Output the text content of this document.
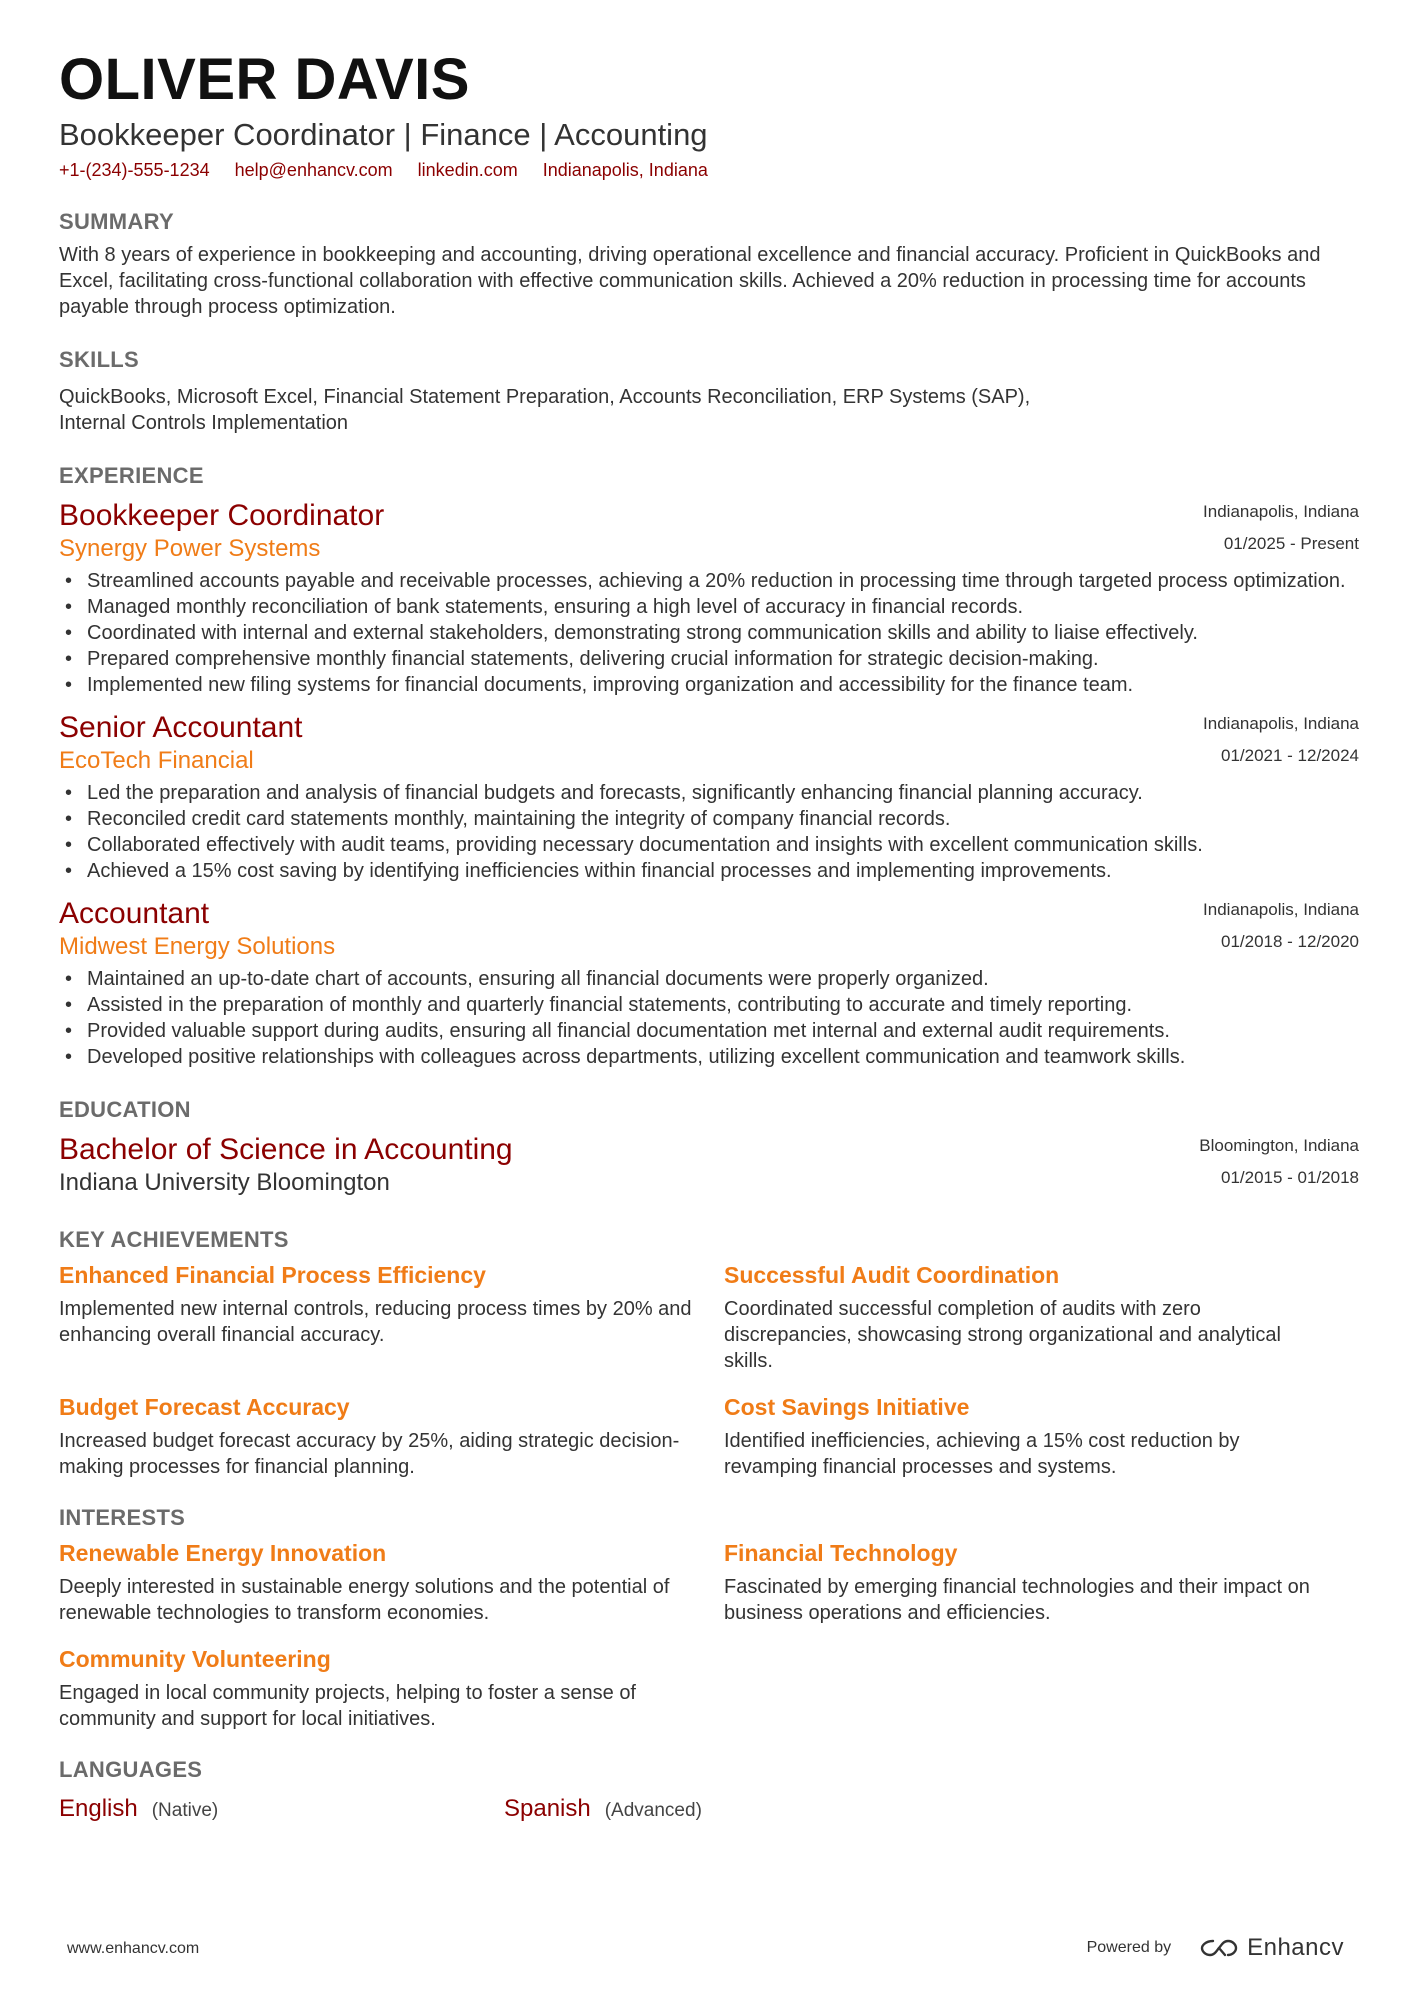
OLIVER DAVIS
Bookkeeper Coordinator | Finance | Accounting
+1-(234)-555-1234 help@enhancv.com linkedin.com Indianapolis, Indiana
SUMMARY
With 8 years of experience in bookkeeping and accounting, driving operational excellence and financial accuracy. Proficient in QuickBooks and Excel, facilitating cross-functional collaboration with effective communication skills. Achieved a 20% reduction in processing time for accounts payable through process optimization.
SKILLS
QuickBooks, Microsoft Excel, Financial Statement Preparation, Accounts Reconciliation, ERP Systems (SAP),
Internal Controls Implementation
EXPERIENCE
Bookkeeper Coordinator
Synergy Power Systems
Indianapolis, Indiana
01/2025 - Present
• Streamlined accounts payable and receivable processes, achieving a 20% reduction in processing time through targeted process optimization.
• Managed monthly reconciliation of bank statements, ensuring a high level of accuracy in financial records.
• Coordinated with internal and external stakeholders, demonstrating strong communication skills and ability to liaise effectively.
• Prepared comprehensive monthly financial statements, delivering crucial information for strategic decision-making.
• Implemented new filing systems for financial documents, improving organization and accessibility for the finance team.
Senior Accountant
EcoTech Financial
Indianapolis, Indiana
01/2021 - 12/2024
• Led the preparation and analysis of financial budgets and forecasts, significantly enhancing financial planning accuracy.
• Reconciled credit card statements monthly, maintaining the integrity of company financial records.
• Collaborated effectively with audit teams, providing necessary documentation and insights with excellent communication skills.
• Achieved a 15% cost saving by identifying inefficiencies within financial processes and implementing improvements.
Accountant
Midwest Energy Solutions
Indianapolis, Indiana
01/2018 - 12/2020
• Maintained an up-to-date chart of accounts, ensuring all financial documents were properly organized.
• Assisted in the preparation of monthly and quarterly financial statements, contributing to accurate and timely reporting.
• Provided valuable support during audits, ensuring all financial documentation met internal and external audit requirements.
• Developed positive relationships with colleagues across departments, utilizing excellent communication and teamwork skills.
EDUCATION
Bachelor of Science in Accounting
Indiana University Bloomington
Bloomington, Indiana
01/2015 - 01/2018
KEY ACHIEVEMENTS
Enhanced Financial Process Efficiency
Implemented new internal controls, reducing process times by 20% and enhancing overall financial accuracy.
Successful Audit Coordination
Coordinated successful completion of audits with zero discrepancies, showcasing strong organizational and analytical skills.
Budget Forecast Accuracy
Increased budget forecast accuracy by 25%, aiding strategic decision-making processes for financial planning.
Cost Savings Initiative
Identified inefficiencies, achieving a 15% cost reduction by revamping financial processes and systems.
INTERESTS
Renewable Energy Innovation
Deeply interested in sustainable energy solutions and the potential of renewable technologies to transform economies.
Financial Technology
Fascinated by emerging financial technologies and their impact on business operations and efficiencies.
Community Volunteering
Engaged in local community projects, helping to foster a sense of community and support for local initiatives.
LANGUAGES
English (Native)	Spanish (Advanced)
www.enhancv.com	Powered by	Enhancv
